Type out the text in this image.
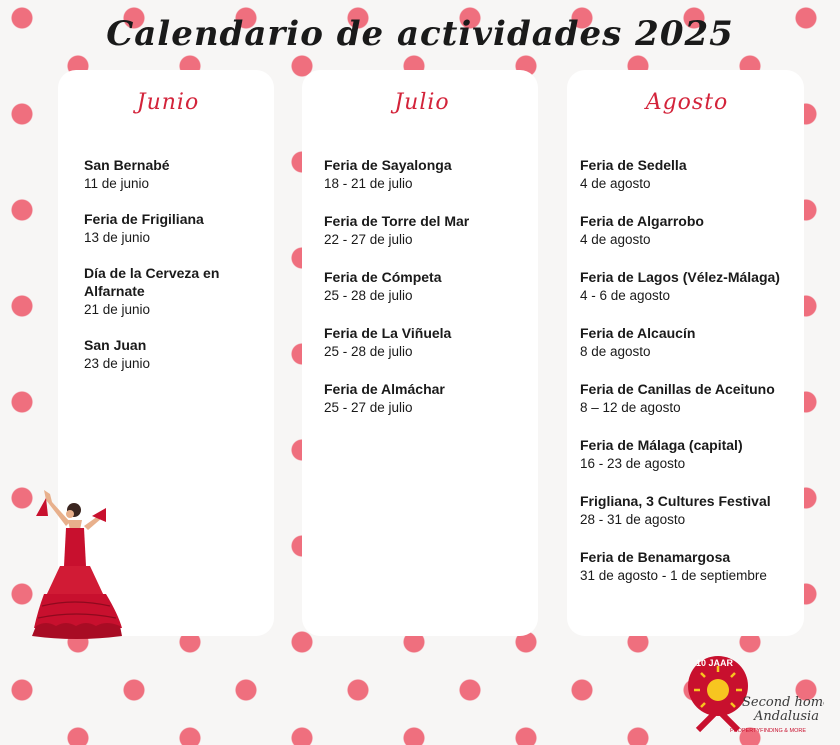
Calendario de actividades 2025
Junio
San Bernabé
11 de junio
Feria de Frigiliana
13 de junio
Día de la Cerveza en Alfarnate
21 de junio
San Juan
23 de junio
Julio
Feria de Sayalonga
18 - 21 de julio
Feria de Torre del Mar
22 - 27 de julio
Feria de Cómpeta
25 - 28 de julio
Feria de La Viñuela
25 - 28 de julio
Feria de Almáchar
25 - 27 de julio
Agosto
Feria de Sedella
4 de agosto
Feria de Algarrobo
4 de agosto
Feria de Lagos (Vélez-Málaga)
4 - 6 de agosto
Feria de Alcaucín
8 de agosto
Feria de Canillas de Aceituno
8 – 12 de agosto
Feria de Málaga (capital)
16 - 23 de agosto
Frigliana, 3 Cultures Festival
28 - 31 de agosto
Feria de Benamargosa
31 de agosto - 1 de septiembre
10 JAAR
Second home
Andalusia
PROPERTYFINDING & MORE
